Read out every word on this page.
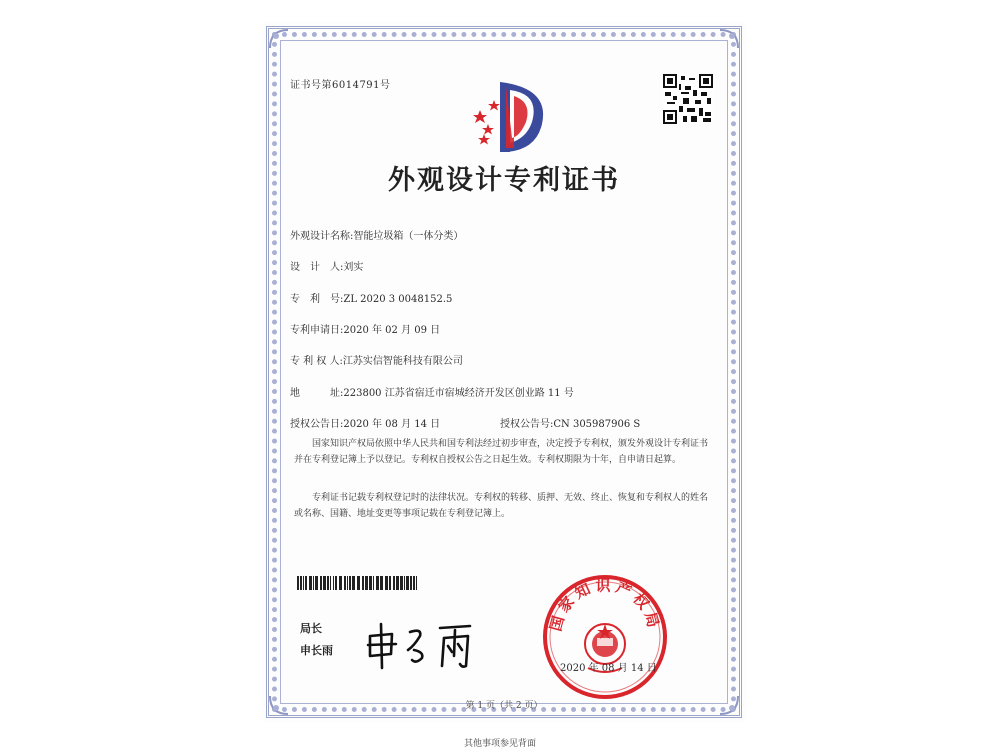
证书号第6014791号
外观设计专利证书
外观设计名称:智能垃圾箱（一体分类）
设　计　人:刘实
专　利　号:ZL 2020 3 0048152.5
专利申请日:2020 年 02 月 09 日
专 利 权 人:江苏实信智能科技有限公司
地　　　址:223800 江苏省宿迁市宿城经济开发区创业路 11 号
授权公告日:2020 年 08 月 14 日	授权公告号:CN 305987906 S
国家知识产权局依照中华人民共和国专利法经过初步审查，决定授予专利权，颁发外观设计专利证书并在专利登记簿上予以登记。专利权自授权公告之日起生效。专利权期限为十年，自申请日起算。
专利证书记载专利权登记时的法律状况。专利权的转移、质押、无效、终止、恢复和专利权人的姓名或名称、国籍、地址变更等事项记载在专利登记簿上。
局长
申长雨
国家知识产权局
2020 年 08 月 14 日
第 1 页（共 2 页）
其他事项参见背面
